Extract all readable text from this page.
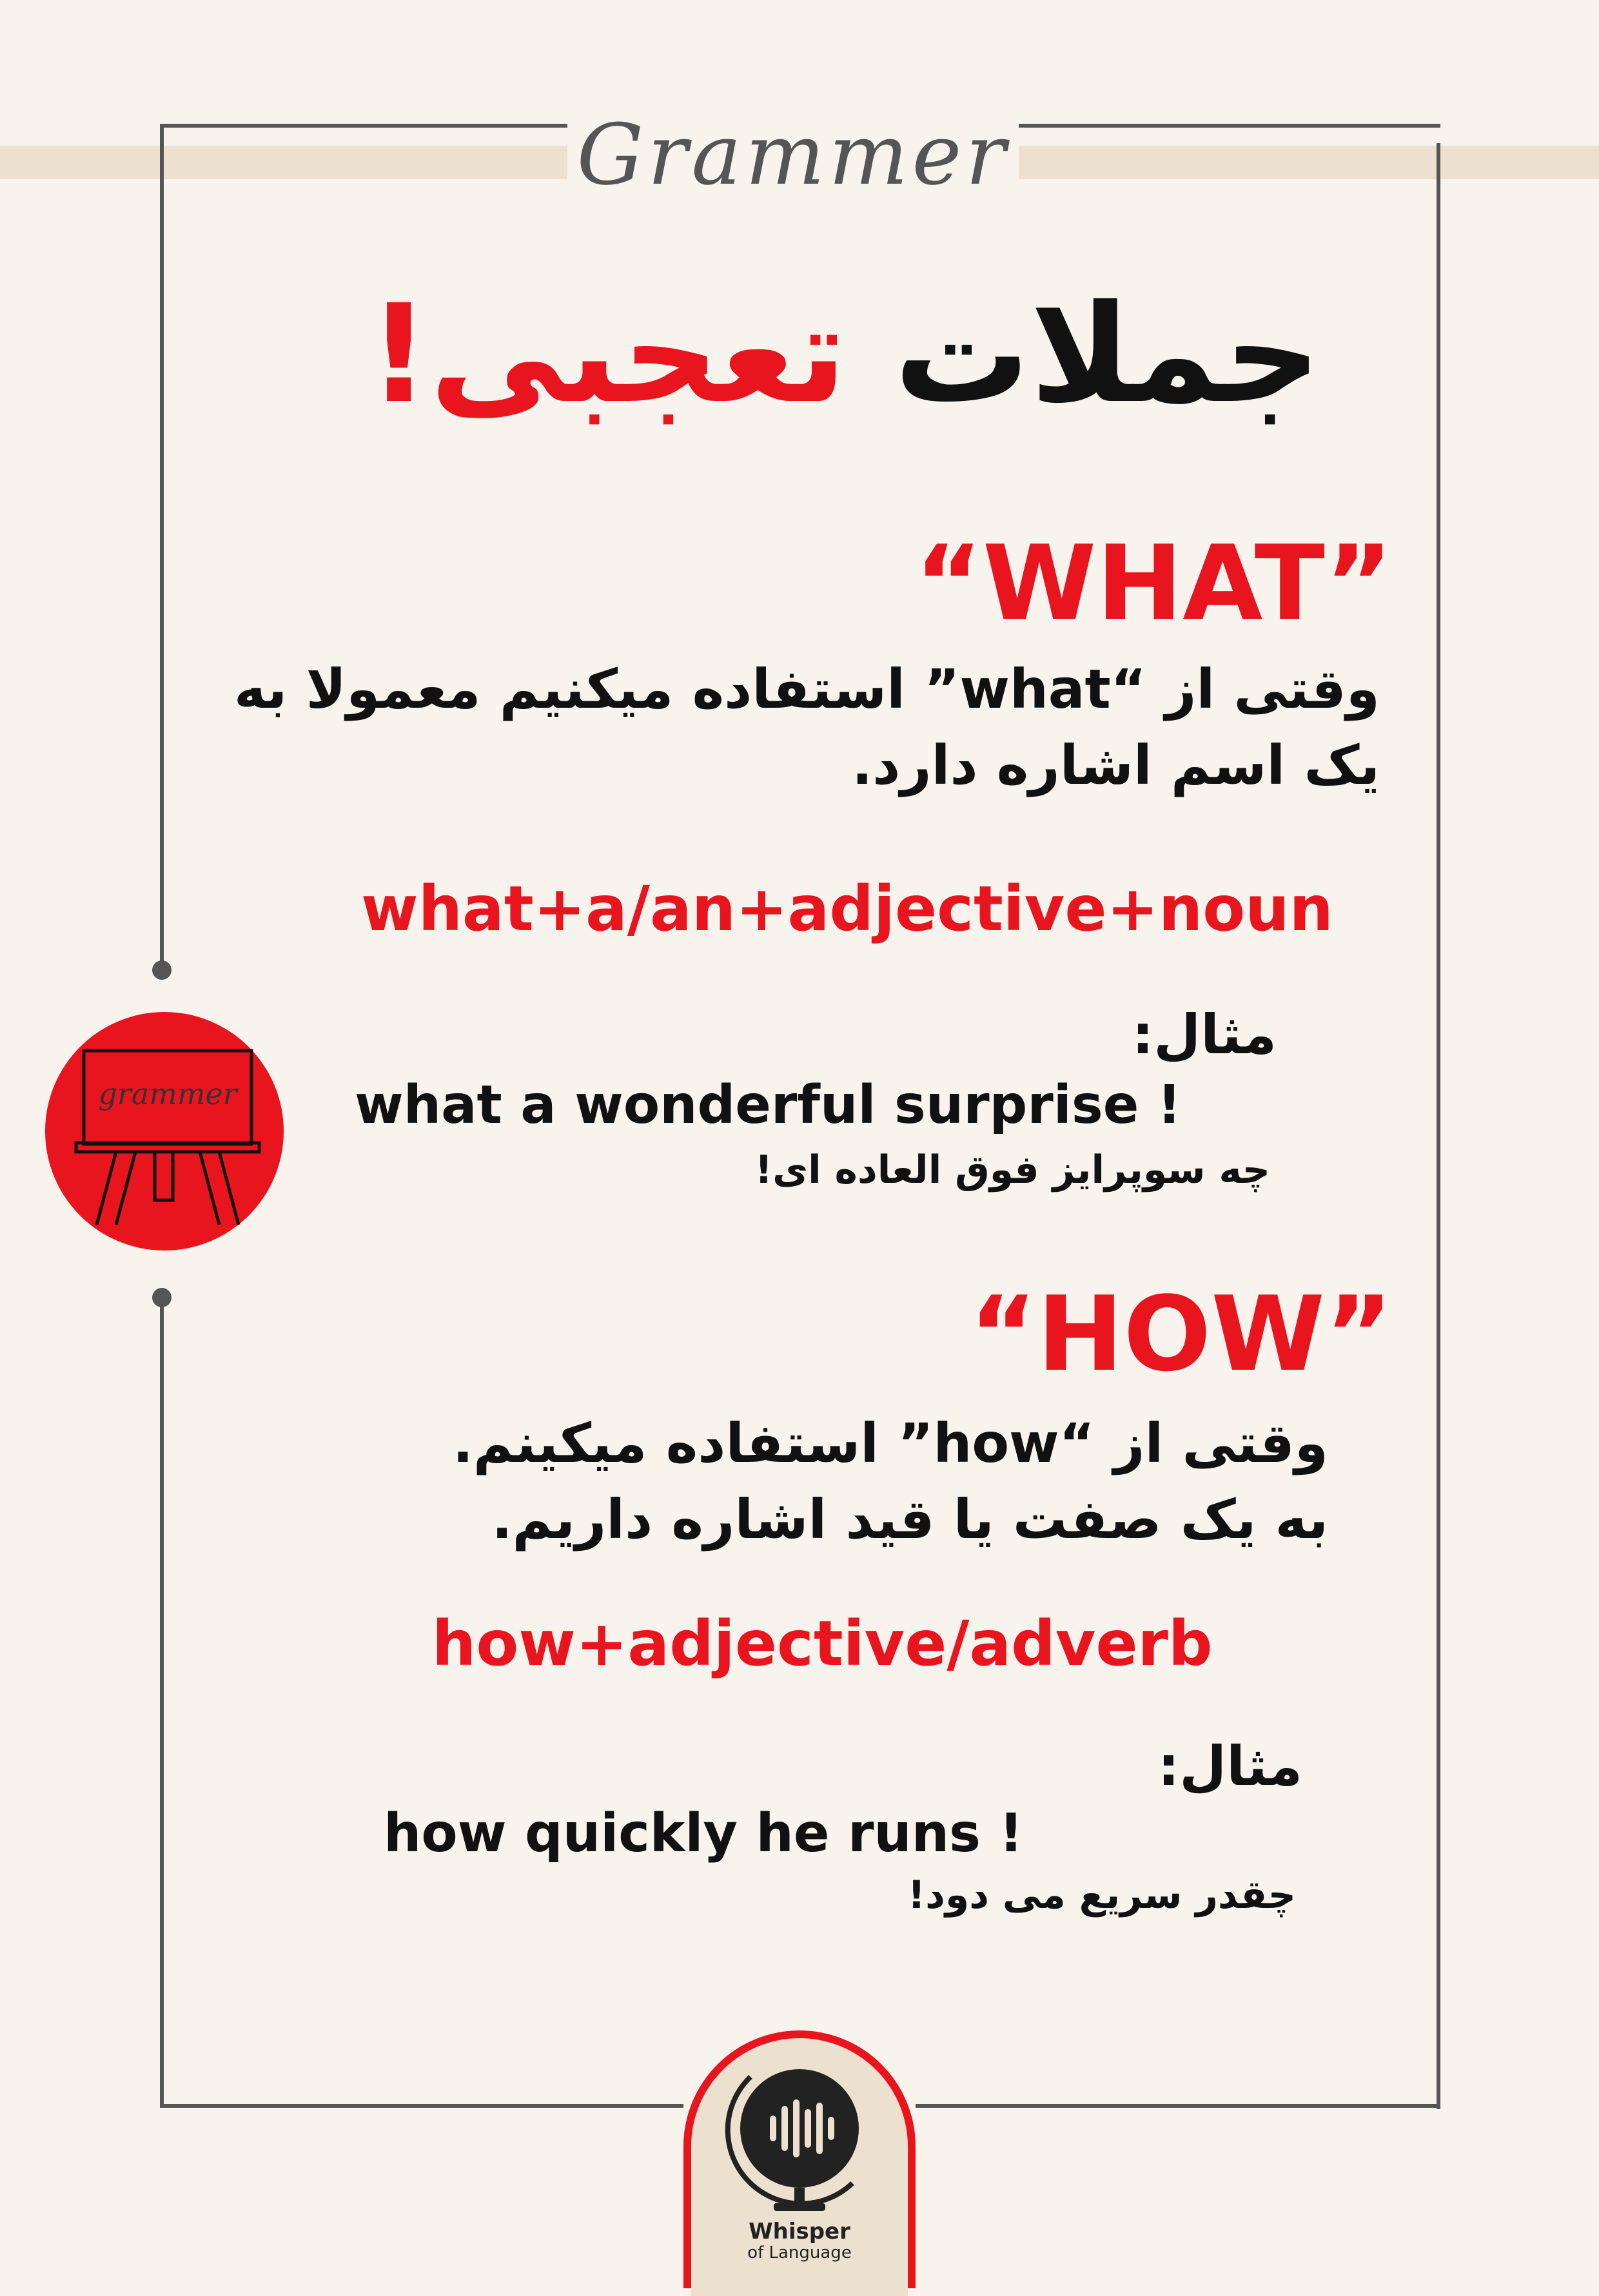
Grammer
جملات تعجبی!
“WHAT”
وقتی از “what” استفاده میکنیم معمولا به
یک اسم اشاره دارد.
what+a/an+adjective+noun
مثال:
what a wonderful surprise !
چه سوپرایز فوق العاده ای!
grammer
“HOW”
وقتی از “how” استفاده میکینم.
به یک صفت یا قید اشاره داریم.
how+adjective/adverb
مثال:
how quickly he runs !
چقدر سریع می دود!
Whisper
of Language
